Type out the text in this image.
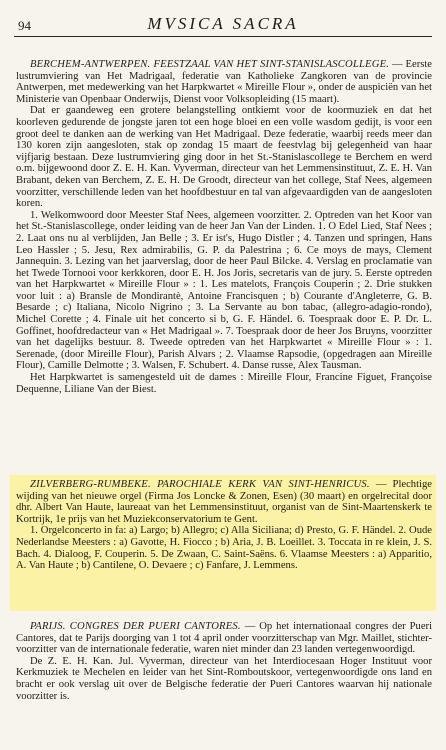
94	MVSICA SACRA

BERCHEM-ANTWERPEN. FEESTZAAL VAN HET SINT-STANISLASCOLLEGE. — Eerste lustrumviering van Het Madrigaal, federatie van Katholieke Zangkoren van de provincie Antwerpen, met medewerking van het Harpkwartet « Mireille Flour », onder de auspiciën van het Ministerie van Openbaar Onderwijs, Dienst voor Volksopleiding (15 maart).

Dat er gaandeweg een grotere belangstelling ontkiemt voor de koormuziek en dat het koorleven gedurende de jongste jaren tot een hoge bloei en een volle wasdom gedijt, is voor een groot deel te danken aan de werking van Het Madrigaal. Deze federatie, waarbij reeds meer dan 130 koren zijn aangesloten, stak op zondag 15 maart de feestvlag bij gelegenheid van haar vijfjarig bestaan. Deze lustrumviering ging door in het St.-Stanislascollege te Berchem en werd o.m. bijgewoond door Z. E. H. Kan. Vyverman, directeur van het Lemmensinstituut, Z. E. H. Van Brabant, deken van Berchem, Z. E. H. De Groodt, directeur van het college, Staf Nees, algemeen voorzitter, verschillende leden van het hoofdbestuur en tal van afgevaardigden van de aangesloten koren.

1. Welkomwoord door Meester Staf Nees, algemeen voorzitter. 2. Optreden van het Koor van het St.-Stanislascollege, onder leiding van de heer Jan Van der Linden. 1. O Edel Lied, Staf Nees ; 2. Laat ons nu al verblijden, Jan Belle ; 3. Er ist's, Hugo Distler ; 4. Tanzen und springen, Hans Leo Hassler ; 5. Jesu, Rex admirabilis, G. P. da Palestrina ; 6. Ce moys de mays, Clement Jannequin. 3. Lezing van het jaarverslag, door de heer Paul Bilcke. 4. Verslag en proclamatie van het Twede Tornooi voor kerkkoren, door E. H. Jos Joris, secretaris van de jury. 5. Eerste optreden van het Harpkwartet « Mireille Flour » : 1. Les matelots, François Couperin ; 2. Drie stukken voor luit : a) Bransle de Mondirantè, Antoine Francisquen ; b) Courante d'Angleterre, G. B. Besarde ; c) Italiana, Nicolo Nigrino ; 3. La Servante au bon tabac, (allegro-adagio-rondo), Michel Corette ; 4. Finale uit het concerto si b, G. F. Händel. 6. Toespraak door E. P. Dr. L. Goffinet, hoofdredacteur van « Het Madrigaal ». 7. Toespraak door de heer Jos Bruyns, voorzitter van het dagelijks bestuur. 8. Tweede optreden van het Harpkwartet « Mireille Flour » : 1. Serenade, (door Mireille Flour), Parish Alvars ; 2. Vlaamse Rapsodie, (opgedragen aan Mireille Flour), Camille Delmotte ; 3. Walsen, F. Schubert. 4. Danse russe, Alex Tausman.

Het Harpkwartet is samengesteld uit de dames : Mireille Flour, Francine Figuet, Françoise Dequenne, Liliane Van der Biest.

ZILVERBERG-RUMBEKE. PAROCHIALE KERK VAN SINT-HENRICUS. — Plechtige wijding van het nieuwe orgel (Firma Jos Loncke & Zonen, Esen) (30 maart) en orgelrecital door dhr. Albert Van Haute, laureaat van het Lemmensinstituut, organist van de Sint-Maartenskerk te Kortrijk, 1e prijs van het Muziekconservatorium te Gent.

1. Orgelconcerto in fa: a) Largo; b) Allegro; c) Alla Siciliana; d) Presto, G. F. Händel. 2. Oude Nederlandse Meesters : a) Gavotte, H. Fiocco ; b) Aria, J. B. Loeillet. 3. Toccata in re klein, J. S. Bach. 4. Dialoog, F. Couperin. 5. De Zwaan, C. Saint-Saëns. 6. Vlaamse Meesters : a) Apparitio, A. Van Haute ; b) Cantilene, O. Devaere ; c) Fanfare, J. Lemmens.

PARIJS. CONGRES DER PUERI CANTORES. — Op het internationaal congres der Pueri Cantores, dat te Parijs doorging van 1 tot 4 april onder voorzitterschap van Mgr. Maillet, stichter-voorzitter van de internationale federatie, waren niet minder dan 23 landen vertegenwoordigd.

De Z. E. H. Kan. Jul. Vyverman, directeur van het Interdiocesaan Hoger Instituut voor Kerkmuziek te Mechelen en leider van het Sint-Romboutskoor, vertegenwoordigde ons land en bracht er ook verslag uit over de Belgische federatie der Pueri Cantores waarvan hij nationale voorzitter is.
